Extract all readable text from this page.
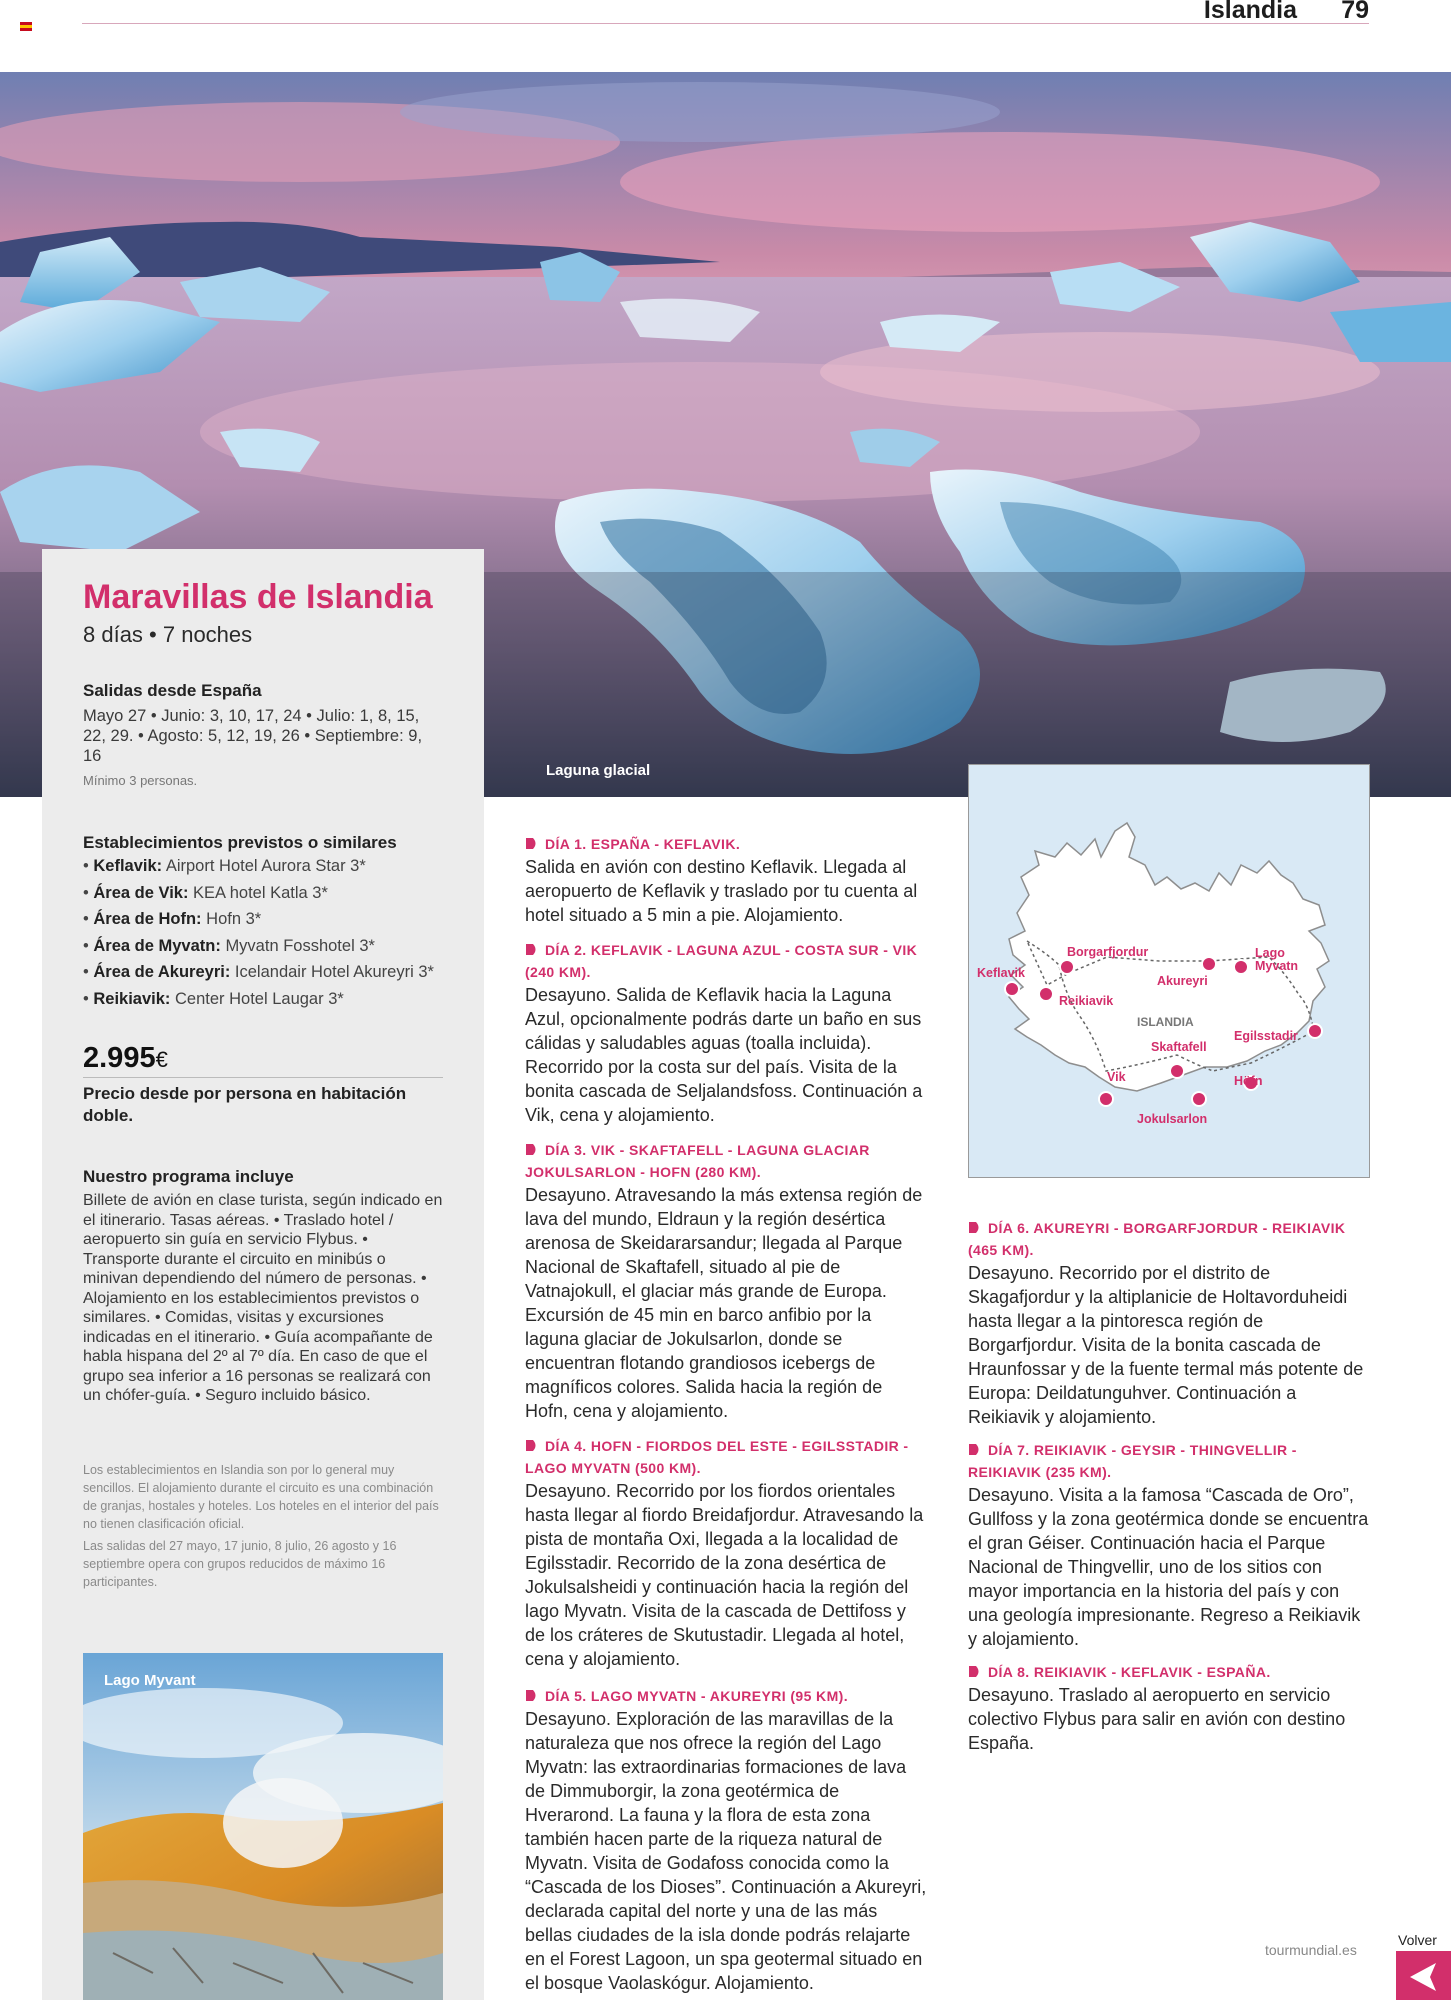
Islandia 79
Laguna glacial
Maravillas de Islandia
8 días • 7 noches
Salidas desde España
Mayo 27 • Junio: 3, 10, 17, 24 • Julio: 1, 8, 15, 22, 29. • Agosto: 5, 12, 19, 26 • Septiembre: 9, 16
Mínimo 3 personas.
Establecimientos previstos o similares
• Keflavik: Airport Hotel Aurora Star 3*
• Área de Vik: KEA hotel Katla 3*
• Área de Hofn: Hofn 3*
• Área de Myvatn: Myvatn Fosshotel 3*
• Área de Akureyri: Icelandair Hotel Akureyri 3*
• Reikiavik: Center Hotel Laugar 3*
2.995€
Precio desde por persona en habitación doble.
Nuestro programa incluye
Billete de avión en clase turista, según indicado en el itinerario. Tasas aéreas. • Traslado hotel / aeropuerto sin guía en servicio Flybus. • Transporte durante el circuito en minibús o minivan dependiendo del número de personas. • Alojamiento en los establecimientos previstos o similares. • Comidas, visitas y excursiones indicadas en el itinerario. • Guía acompañante de habla hispana del 2º al 7º día. En caso de que el grupo sea inferior a 16 personas se realizará con un chófer-guía. • Seguro incluido básico.
Los establecimientos en Islandia son por lo general muy sencillos. El alojamiento durante el circuito es una combinación de granjas, hostales y hoteles. Los hoteles en el interior del país no tienen clasificación oficial.
Las salidas del 27 mayo, 17 junio, 8 julio, 26 agosto y 16 septiembre opera con grupos reducidos de máximo 16 participantes.
Lago Myvant
DÍA 1. ESPAÑA - KEFLAVIK.
Salida en avión con destino Keflavik. Llegada al aeropuerto de Keflavik y traslado por tu cuenta al hotel situado a 5 min a pie. Alojamiento.
DÍA 2. KEFLAVIK - LAGUNA AZUL - COSTA SUR - VIK (240 KM).
Desayuno. Salida de Keflavik hacia la Laguna Azul, opcionalmente podrás darte un baño en sus cálidas y saludables aguas (toalla incluida). Recorrido por la costa sur del país. Visita de la bonita cascada de Seljalandsfoss. Continuación a Vik, cena y alojamiento.
DÍA 3. VIK - SKAFTAFELL - LAGUNA GLACIAR JOKULSARLON - HOFN (280 KM).
Desayuno. Atravesando la más extensa región de lava del mundo, Eldraun y la región desértica arenosa de Skeidararsandur; llegada al Parque Nacional de Skaftafell, situado al pie de Vatnajokull, el glaciar más grande de Europa. Excursión de 45 min en barco anfibio por la laguna glaciar de Jokulsarlon, donde se encuentran flotando grandiosos icebergs de magníficos colores. Salida hacia la región de Hofn, cena y alojamiento.
DÍA 4. HOFN - FIORDOS DEL ESTE - EGILSSTADIR - LAGO MYVATN (500 KM).
Desayuno. Recorrido por los fiordos orientales hasta llegar al fiordo Breidafjordur. Atravesando la pista de montaña Oxi, llegada a la localidad de Egilsstadir. Recorrido de la zona desértica de Jokulsalsheidi y continuación hacia la región del lago Myvatn. Visita de la cascada de Dettifoss y de los cráteres de Skutustadir. Llegada al hotel, cena y alojamiento.
DÍA 5. LAGO MYVATN - AKUREYRI (95 KM).
Desayuno. Exploración de las maravillas de la naturaleza que nos ofrece la región del Lago Myvatn: las extraordinarias formaciones de lava de Dimmuborgir, la zona geotérmica de Hverarond. La fauna y la flora de esta zona también hacen parte de la riqueza natural de Myvatn. Visita de Godafoss conocida como la “Cascada de los Dioses”. Continuación a Akureyri, declarada capital del norte y una de las más bellas ciudades de la isla donde podrás relajarte en el Forest Lagoon, un spa geotermal situado en el bosque Vaolaskógur. Alojamiento.
ISLANDIA
Keflavik
Reikiavik
Borgarfjordur
Akureyri
Lago Myvatn
Egilsstadir
Höfn
Jokulsarlon
Skaftafell
Vik
DÍA 6. AKUREYRI - BORGARFJORDUR - REIKIAVIK (465 KM).
Desayuno. Recorrido por el distrito de Skagafjordur y la altiplanicie de Holtavorduheidi hasta llegar a la pintoresca región de Borgarfjordur. Visita de la bonita cascada de Hraunfossar y de la fuente termal más potente de Europa: Deildatunguhver. Continuación a Reikiavik y alojamiento.
DÍA 7. REIKIAVIK - GEYSIR - THINGVELLIR - REIKIAVIK (235 KM).
Desayuno. Visita a la famosa “Cascada de Oro”, Gullfoss y la zona geotérmica donde se encuentra el gran Géiser. Continuación hacia el Parque Nacional de Thingvellir, uno de los sitios con mayor importancia en la historia del país y con una geología impresionante. Regreso a Reikiavik y alojamiento.
DÍA 8. REIKIAVIK - KEFLAVIK - ESPAÑA.
Desayuno. Traslado al aeropuerto en servicio colectivo Flybus para salir en avión con destino España.
tourmundial.es
Volver
